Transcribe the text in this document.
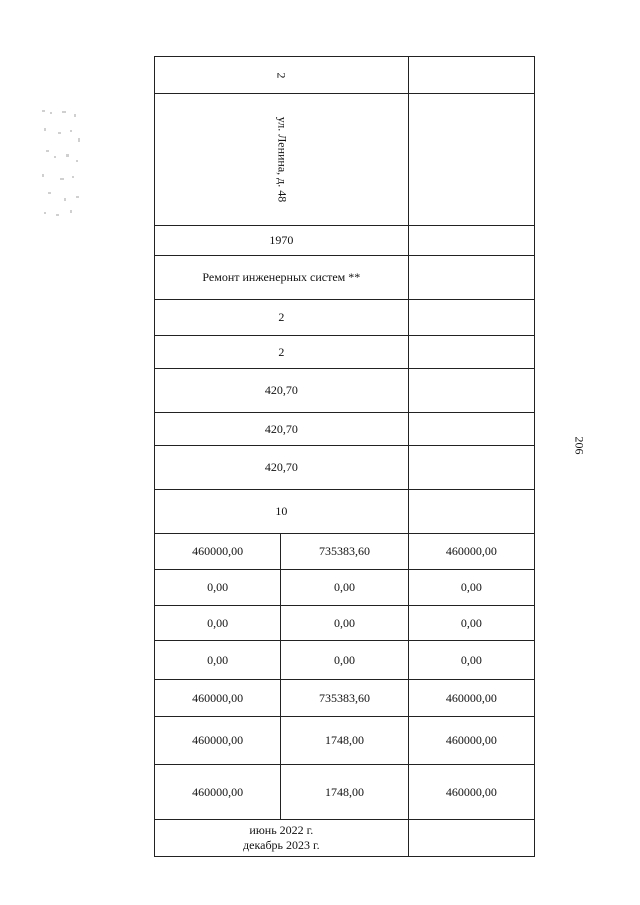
2		
ул. Ленина, д. 48		
1970		
Ремонт инженерных систем **		
2		
2		
420,70		
420,70		
420,70		
10		
460000,00	735383,60	460000,00
0,00	0,00	0,00
0,00	0,00	0,00
0,00	0,00	0,00
460000,00	735383,60	460000,00
460000,00	1748,00	460000,00
460000,00	1748,00	460000,00

июнь 2022 г.
декабрь 2023 г.		

206
